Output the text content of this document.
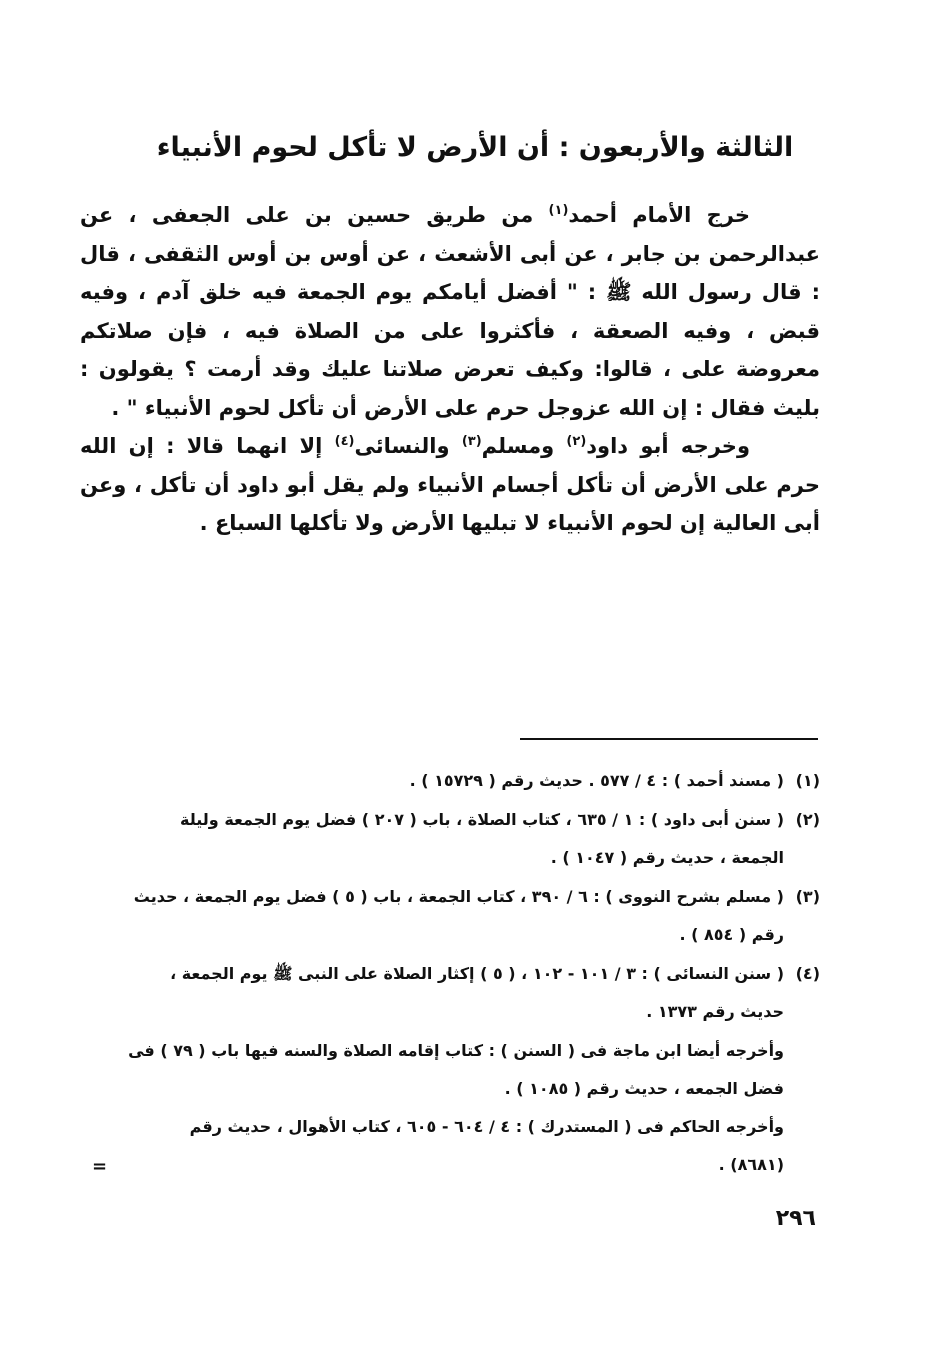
الثالثة والأربعون : أن الأرض لا تأكل لحوم الأنبياء

خرج الأمام أحمد$^{(١)}$ من طريق حسين بن على الجعفى ، عن عبدالرحمن بن جابر ، عن أبى الأشعث ، عن أوس بن أوس الثقفى ، قال : قال رسول الله ﷺ : " أفضل أيامكم يوم الجمعة فيه خلق آدم ، وفيه قبض ، وفيه الصعقة ، فأكثروا على من الصلاة فيه ، فإن صلاتكم معروضة على ، قالوا: وكيف تعرض صلاتنا عليك وقد أرمت ؟ يقولون : بليث فقال : إن الله عزوجل حرم على الأرض أن تأكل لحوم الأنبياء " .

وخرجه أبو داود$^{(٢)}$ ومسلم$^{(٣)}$ والنسائى$^{(٤)}$ إلا انهما قالا : إن الله حرم على الأرض أن تأكل أجسام الأنبياء ولم يقل أبو داود أن تأكل ، وعن أبى العالية إن لحوم الأنبياء لا تبليها الأرض ولا تأكلها السباع .

(١)( مسند أحمد ) : ٤ / ٥٧٧ . حديث رقم ( ١٥٧٢٩ ) .
(٢)( سنن أبى داود ) : ١ / ٦٣٥ ، كتاب الصلاة ، باب ( ٢٠٧ ) فضل يوم الجمعة وليلة
الجمعة ، حديث رقم ( ١٠٤٧ ) .
(٣)( مسلم بشرح النووى ) : ٦ / ٣٩٠ ، كتاب الجمعة ، باب ( ٥ ) فضل يوم الجمعة ، حديث
رقم ( ٨٥٤ ) .
(٤)( سنن النسائى ) : ٣ / ١٠١ - ١٠٢ ، ( ٥ ) إكثار الصلاة على النبى ﷺ يوم الجمعة ،
حديث رقم ١٣٧٣ .
وأخرجه أيضا ابن ماجة فى ( السنن ) : كتاب إقامه الصلاة والسنه فيها باب ( ٧٩ ) فى
فضل الجمعه ، حديث رقم ( ١٠٨٥ ) .
وأخرجه الحاكم فى ( المستدرك ) : ٤ / ٦٠٤ - ٦٠٥ ، كتاب الأهوال ، حديث رقم
(٨٦٨١) .
=
٢٩٦
